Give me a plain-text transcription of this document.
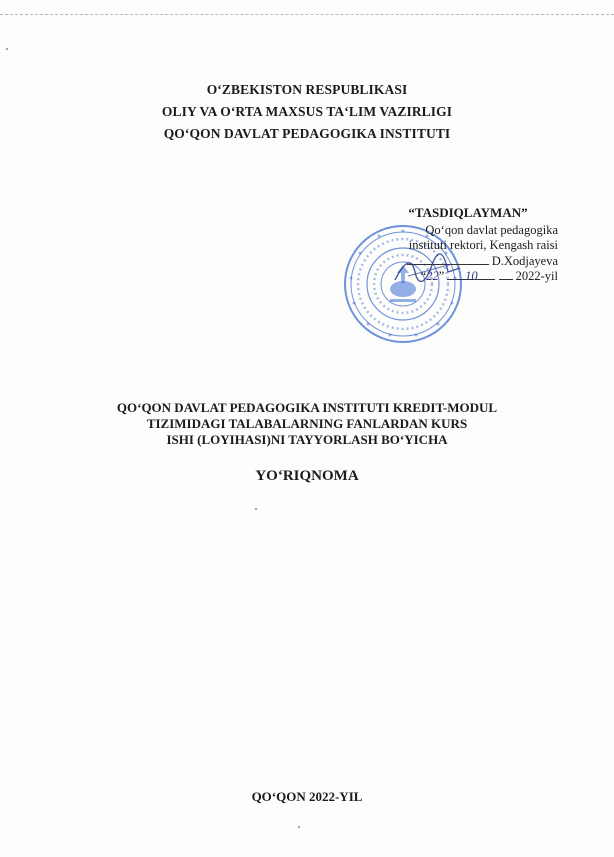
O‘ZBEKISTON RESPUBLIKASI
OLIY VA O‘RTA MAXSUS TA‘LIM VAZIRLIGI
QO‘QON DAVLAT PEDAGOGIKA INSTITUTI
“TASDIQLAYMAN”
Qo‘qon davlat pedagogika
instituti rektori, Kengash raisi
D.Xodjayeva
“22” 10	2022-yil
QO‘QON DAVLAT PEDAGOGIKA INSTITUTI KREDIT-MODUL
TIZIMIDAGI TALABALARNING FANLARDAN KURS
ISHI (LOYIHASI)NI TAYYORLASH BO‘YICHA
YO‘RIQNOMA
QO‘QON 2022-YIL
